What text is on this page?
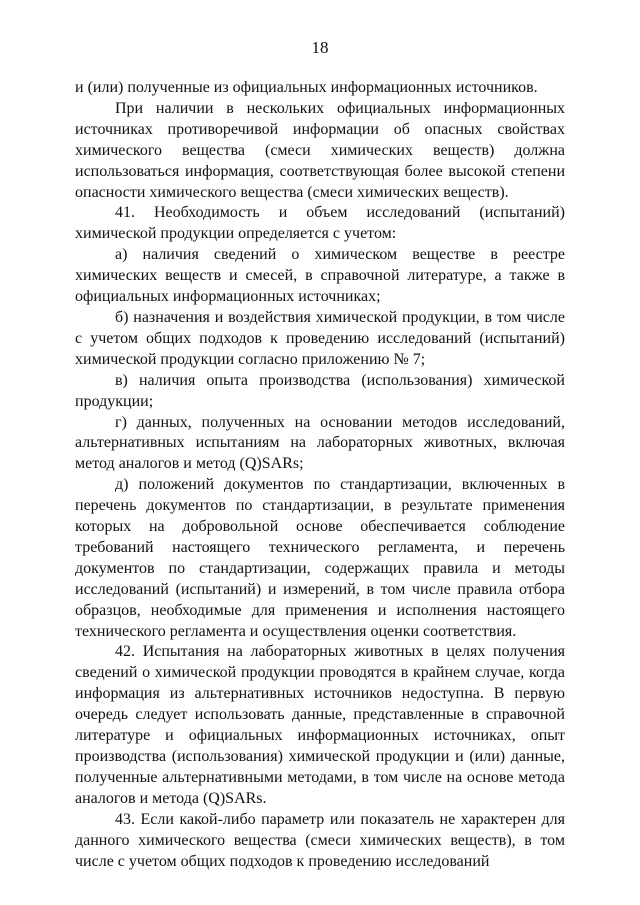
18

и (или) полученные из официальных информационных источников.

При наличии в нескольких официальных информационных источниках противоречивой информации об опасных свойствах химического вещества (смеси химических веществ) должна использоваться информация, соответствующая более высокой степени опасности химического вещества (смеси химических веществ).

41. Необходимость и объем исследований (испытаний) химической продукции определяется с учетом:

а) наличия сведений о химическом веществе в реестре химических веществ и смесей, в справочной литературе, а также в официальных информационных источниках;

б) назначения и воздействия химической продукции, в том числе с учетом общих подходов к проведению исследований (испытаний) химической продукции согласно приложению № 7;

в) наличия опыта производства (использования) химической продукции;

г) данных, полученных на основании методов исследований, альтернативных испытаниям на лабораторных животных, включая метод аналогов и метод (Q)SARs;

д) положений документов по стандартизации, включенных в перечень документов по стандартизации, в результате применения которых на добровольной основе обеспечивается соблюдение требований настоящего технического регламента, и перечень документов по стандартизации, содержащих правила и методы исследований (испытаний) и измерений, в том числе правила отбора образцов, необходимые для применения и исполнения настоящего технического регламента и осуществления оценки соответствия.

42. Испытания на лабораторных животных в целях получения сведений о химической продукции проводятся в крайнем случае, когда информация из альтернативных источников недоступна. В первую очередь следует использовать данные, представленные в справочной литературе и официальных информационных источниках, опыт производства (использования) химической продукции и (или) данные, полученные альтернативными методами, в том числе на основе метода аналогов и метода (Q)SARs.

43. Если какой-либо параметр или показатель не характерен для данного химического вещества (смеси химических веществ), в том числе с учетом общих подходов к проведению исследований
